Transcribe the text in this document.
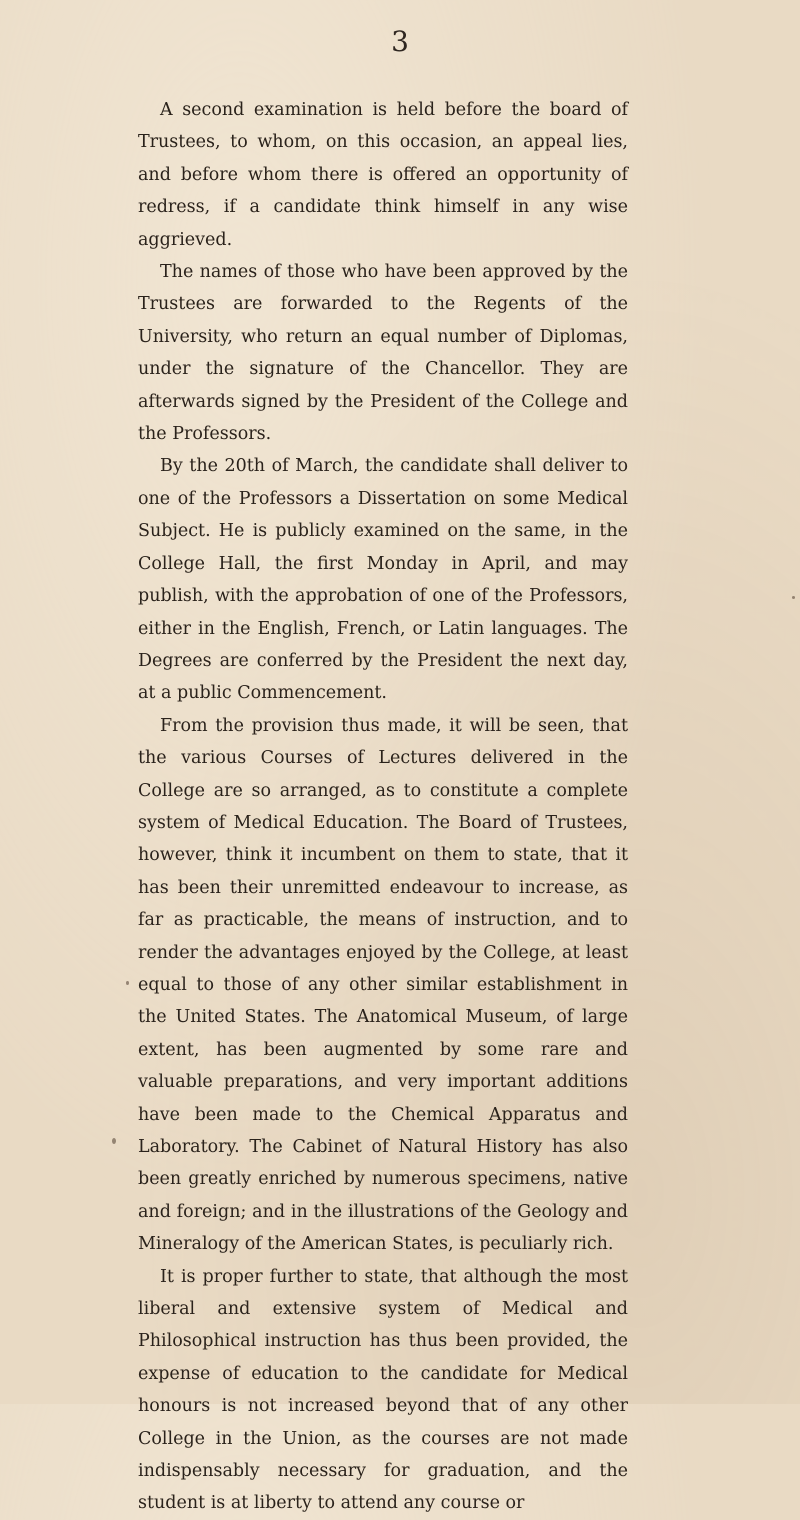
3

A second examination is held before the board of Trustees, to whom, on this occasion, an appeal lies, and before whom there is offered an opportunity of redress, if a candidate think himself in any wise aggrieved.

The names of those who have been approved by the Trustees are forwarded to the Regents of the University, who return an equal number of Diplomas, under the signature of the Chancellor. They are afterwards signed by the President of the College and the Professors.

By the 20th of March, the candidate shall deliver to one of the Professors a Dissertation on some Medical Subject. He is publicly examined on the same, in the College Hall, the first Monday in April, and may publish, with the approbation of one of the Professors, either in the English, French, or Latin languages. The Degrees are conferred by the President the next day, at a public Commencement.

From the provision thus made, it will be seen, that the various Courses of Lectures delivered in the College are so arranged, as to constitute a complete system of Medical Education. The Board of Trustees, however, think it incumbent on them to state, that it has been their unremitted endeavour to increase, as far as practicable, the means of instruction, and to render the advantages enjoyed by the College, at least equal to those of any other similar establishment in the United States. The Anatomical Museum, of large extent, has been augmented by some rare and valuable preparations, and very important additions have been made to the Chemical Apparatus and Laboratory. The Cabinet of Natural History has also been greatly enriched by numerous specimens, native and foreign; and in the illustrations of the Geology and Mineralogy of the American States, is peculiarly rich.

It is proper further to state, that although the most liberal and extensive system of Medical and Philosophical instruction has thus been provided, the expense of education to the candidate for Medical honours is not increased beyond that of any other College in the Union, as the courses are not made indispensably necessary for graduation, and the student is at liberty to attend any course or
